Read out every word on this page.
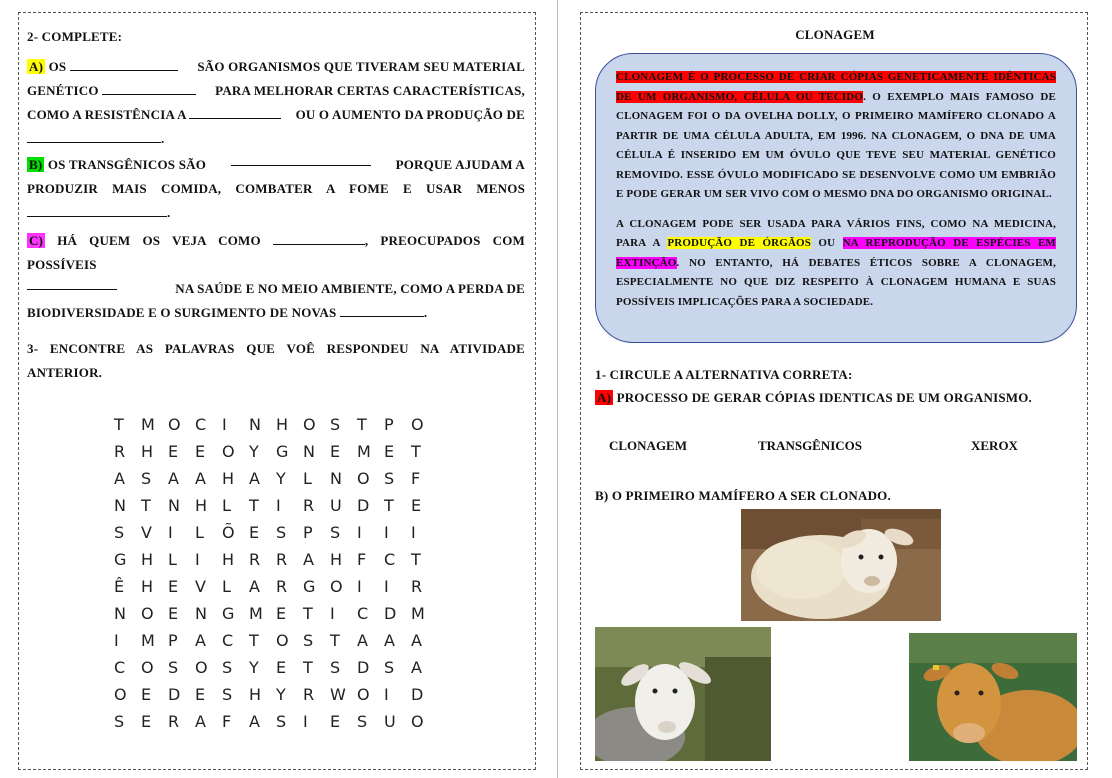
2- COMPLETE:
A) OS	SÃO ORGANISMOS QUE TIVERAM SEU MATERIAL
GENÉTICO	PARA MELHORAR CERTAS CARACTERÍSTICAS,
COMO A RESISTÊNCIA A	OU O AUMENTO DA PRODUÇÃO DE
.
B) OS TRANSGÊNICOS SÃO	PORQUE AJUDAM A
PRODUZIR MAIS COMIDA, COMBATER A FOME E USAR MENOS
.
C) HÁ QUEM OS VEJA COMO	, PREOCUPADOS COM POSSÍVEIS
NA SAÚDE E NO MEIO AMBIENTE, COMO A PERDA DE
BIODIVERSIDADE E O SURGIMENTO DE NOVAS	.
3- ENCONTRE AS PALAVRAS QUE VOÊ RESPONDEU NA ATIVIDADE
ANTERIOR.
T	M O C I	N H O S	T	P	O
R H E	E	O Y	G N E	M E	T
A	S	A	A	H A	Y	L	N O S	F
N T	N H L	T	I	R U D T	E
S	V	I	L	Õ E	S	P	S	I	I	I
G H L	I	H R R A	H F	C T
Ê	H E	V	L	A	R G O I	I	R
N O E	N G M E	T	I	C D M
I	M P	A	C T	O S	T	A	A	A
C O S	O S	Y	E	T	S	D S	A
O E	D E	S	H Y	R W O I	D
S	E	R A	F	A	S	I	E	S	U O
CLONAGEM
CLONAGEM É O PROCESSO DE CRIAR CÓPIAS GENETICAMENTE IDÊNTICAS DE UM ORGANISMO, CÉLULA OU TECIDO. O EXEMPLO MAIS FAMOSO DE CLONAGEM FOI O DA OVELHA DOLLY, O PRIMEIRO MAMÍFERO CLONADO A PARTIR DE UMA CÉLULA ADULTA, EM 1996. NA CLONAGEM, O DNA DE UMA CÉLULA É INSERIDO EM UM ÓVULO QUE TEVE SEU MATERIAL GENÉTICO REMOVIDO. ESSE ÓVULO MODIFICADO SE DESENVOLVE COMO UM EMBRIÃO E PODE GERAR UM SER VIVO COM O MESMO DNA DO ORGANISMO ORIGINAL.
A CLONAGEM PODE SER USADA PARA VÁRIOS FINS, COMO NA MEDICINA, PARA A PRODUÇÃO DE ÓRGÃOS OU NA REPRODUÇÃO DE ESPÉCIES EM EXTINÇÃO. NO ENTANTO, HÁ DEBATES ÉTICOS SOBRE A CLONAGEM, ESPECIALMENTE NO QUE DIZ RESPEITO À CLONAGEM HUMANA E SUAS POSSÍVEIS IMPLICAÇÕES PARA A SOCIEDADE.
1- CIRCULE A ALTERNATIVA CORRETA:
A) PROCESSO DE GERAR CÓPIAS IDENTICAS DE UM ORGANISMO.
CLONAGEM	TRANSGÊNICOS	XEROX
B) O PRIMEIRO MAMÍFERO A SER CLONADO.
